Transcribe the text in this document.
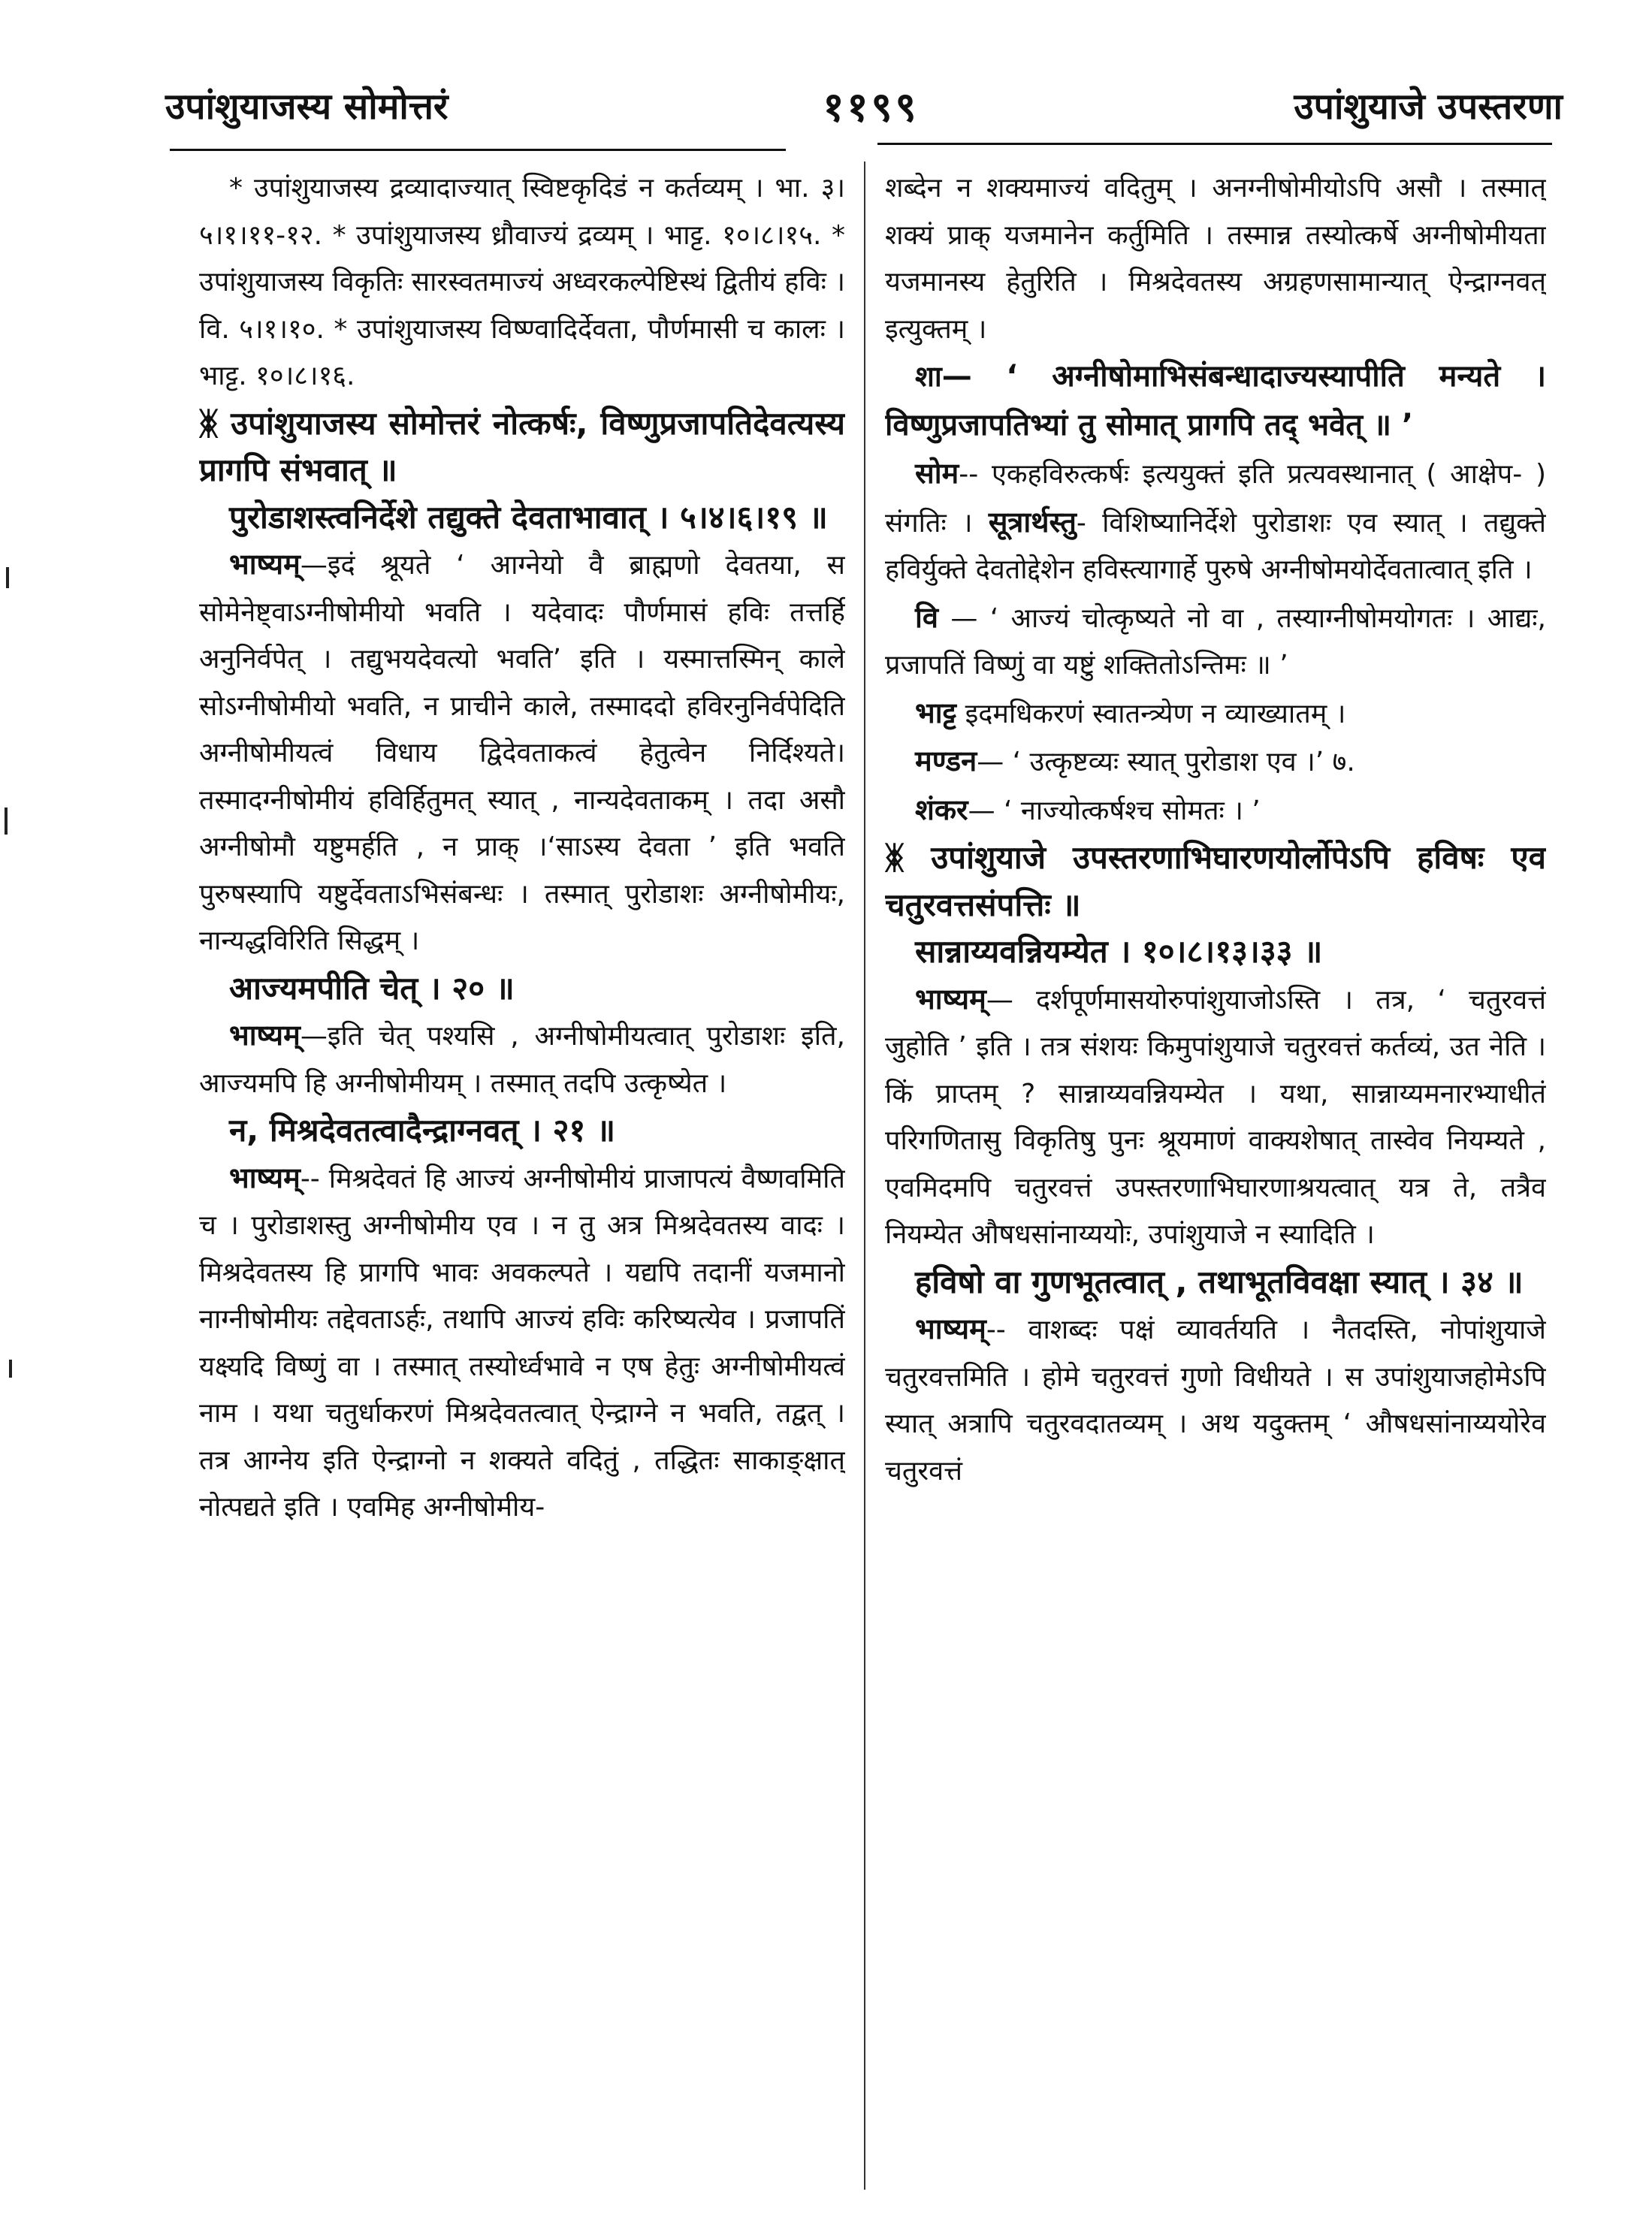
उपांशुयाजस्य सोमोत्तरं	११९९	उपांशुयाजे उपस्तरणा

* उपांशुयाजस्य द्रव्यादाज्यात् स्विष्टकृदिडं न कर्तव्यम् । भा. ३।५।१।११-१२. * उपांशुयाजस्य ध्रौवाज्यं द्रव्यम् । भाट्ट. १०।८।१५. * उपांशुयाजस्य विकृतिः सारस्वतमाज्यं अध्वरकल्पेष्टिस्थं द्वितीयं हविः । वि. ५।१।१०. * उपांशुयाजस्य विष्ण्वादिर्देवता, पौर्णमासी च कालः । भाट्ट. १०।८।१६.

ᛤ उपांशुयाजस्य सोमोत्तरं नोत्कर्षः, विष्णुप्रजापतिदेवत्यस्य प्रागपि संभवात् ॥

पुरोडाशस्त्वनिर्देशे तद्युक्ते देवताभावात् । ५।४।६।१९ ॥

भाष्यम्—इदं श्रूयते ‘ आग्नेयो वै ब्राह्मणो देवतया, स सोमेनेष्ट्वाऽग्नीषोमीयो भवति । यदेवादः पौर्णमासं हविः तत्तर्हि अनुनिर्वपेत् । तद्युभयदेवत्यो भवति’ इति । यस्मात्तस्मिन् काले सोऽग्नीषोमीयो भवति, न प्राचीने काले, तस्माददो हविरनुनिर्वपेदिति अग्नीषोमीयत्वं विधाय द्विदेवताकत्वं हेतुत्वेन निर्दिश्यते। तस्मादग्नीषोमीयं हविर्हितुमत् स्यात् , नान्यदेवताकम् । तदा असौ अग्नीषोमौ यष्टुमर्हति , न प्राक् ।‘साऽस्य देवता ’ इति भवति पुरुषस्यापि यष्टुर्देवताऽभिसंबन्धः । तस्मात् पुरोडाशः अग्नीषोमीयः, नान्यद्धविरिति सिद्धम् ।

आज्यमपीति चेत् । २० ॥

भाष्यम्—इति चेत् पश्यसि , अग्नीषोमीयत्वात् पुरोडाशः इति, आज्यमपि हि अग्नीषोमीयम् । तस्मात् तदपि उत्कृष्येत ।

न, मिश्रदेवतत्वादैन्द्राग्नवत् । २१ ॥

भाष्यम्-- मिश्रदेवतं हि आज्यं अग्नीषोमीयं प्राजापत्यं वैष्णवमिति च । पुरोडाशस्तु अग्नीषोमीय एव । न तु अत्र मिश्रदेवतस्य वादः । मिश्रदेवतस्य हि प्रागपि भावः अवकल्पते । यद्यपि तदानीं यजमानो नाग्नीषोमीयः तद्देवताऽर्हः, तथापि आज्यं हविः करिष्यत्येव । प्रजापतिं यक्ष्यदि विष्णुं वा । तस्मात् तस्योर्ध्वभावे न एष हेतुः अग्नीषोमीयत्वं नाम । यथा चतुर्धाकरणं मिश्रदेवतत्वात् ऐन्द्राग्ने न भवति, तद्वत् । तत्र आग्नेय इति ऐन्द्राग्नो न शक्यते वदितुं , तद्धितः साकाङ्क्षात् नोत्पद्यते इति । एवमिह अग्नीषोमीय-

शब्देन न शक्यमाज्यं वदितुम् । अनग्नीषोमीयोऽपि असौ । तस्मात् शक्यं प्राक् यजमानेन कर्तुमिति । तस्मान्न तस्योत्कर्षे अग्नीषोमीयता यजमानस्य हेतुरिति । मिश्रदेवतस्य अग्रहणसामान्यात् ऐन्द्राग्नवत् इत्युक्तम् ।

शा— ‘ अग्नीषोमाभिसंबन्धादाज्यस्यापीति मन्यते । विष्णुप्रजापतिभ्यां तु सोमात् प्रागपि तद् भवेत् ॥ ’

सोम-- एकहविरुत्कर्षः इत्ययुक्तं इति प्रत्यवस्थानात् ( आक्षेप- ) संगतिः । सूत्रार्थस्तु- विशिष्यानिर्देशे पुरोडाशः एव स्यात् । तद्युक्ते हविर्युक्ते देवतोद्देशेन हविस्त्यागार्हे पुरुषे अग्नीषोमयोर्देवतात्वात् इति ।

वि — ‘ आज्यं चोत्कृष्यते नो वा , तस्याग्नीषोमयोगतः । आद्यः, प्रजापतिं विष्णुं वा यष्टुं शक्तितोऽन्तिमः ॥ ’

भाट्ट इदमधिकरणं स्वातन्त्र्येण न व्याख्यातम् ।

मण्डन— ‘ उत्कृष्टव्यः स्यात् पुरोडाश एव ।’ ७.

शंकर— ‘ नाज्योत्कर्षश्च सोमतः । ’

ᛤ उपांशुयाजे उपस्तरणाभिघारणयोर्लोपेऽपि हविषः एव चतुरवत्तसंपत्तिः ॥

सान्नाय्यवन्नियम्येत । १०।८।१३।३३ ॥

भाष्यम्— दर्शपूर्णमासयोरुपांशुयाजोऽस्ति । तत्र, ‘ चतुरवत्तं जुहोति ’ इति । तत्र संशयः किमुपांशुयाजे चतुरवत्तं कर्तव्यं, उत नेति । किं प्राप्तम् ? सान्नाय्यवन्नियम्येत । यथा, सान्नाय्यमनारभ्याधीतं परिगणितासु विकृतिषु पुनः श्रूयमाणं वाक्यशेषात् तास्वेव नियम्यते , एवमिदमपि चतुरवत्तं उपस्तरणाभिघारणाश्रयत्वात् यत्र ते, तत्रैव नियम्येत औषधसांनाय्ययोः, उपांशुयाजे न स्यादिति ।

हविषो वा गुणभूतत्वात् , तथाभूतविवक्षा स्यात् । ३४ ॥

भाष्यम्-- वाशब्दः पक्षं व्यावर्तयति । नैतदस्ति, नोपांशुयाजे चतुरवत्तमिति । होमे चतुरवत्तं गुणो विधीयते । स उपांशुयाजहोमेऽपि स्यात् अत्रापि चतुरवदातव्यम् । अथ यदुक्तम् ‘ औषधसांनाय्ययोरेव चतुरवत्तं
